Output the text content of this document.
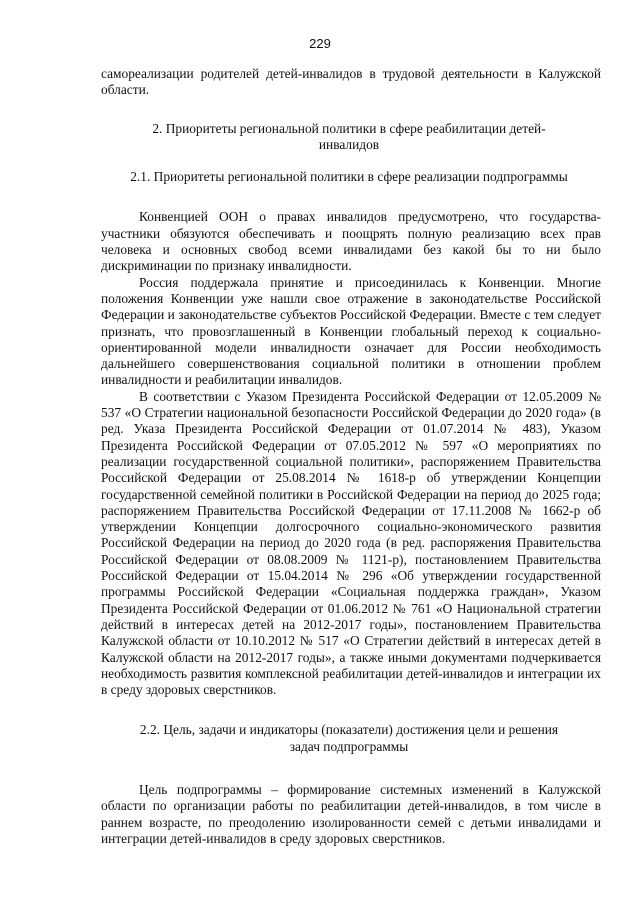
229

самореализации родителей детей-инвалидов в трудовой деятельности в Калужской области.

2. Приоритеты региональной политики в сфере реабилитации детей-инвалидов

2.1. Приоритеты региональной политики в сфере реализации подпрограммы

Конвенцией ООН о правах инвалидов предусмотрено, что государства-участники обязуются обеспечивать и поощрять полную реализацию всех прав человека и основных свобод всеми инвалидами без какой бы то ни было дискриминации по признаку инвалидности.

Россия поддержала принятие и присоединилась к Конвенции. Многие положения Конвенции уже нашли свое отражение в законодательстве Российской Федерации и законодательстве субъектов Российской Федерации. Вместе с тем следует признать, что провозглашенный в Конвенции глобальный переход к социально-ориентированной модели инвалидности означает для России необходимость дальнейшего совершенствования социальной политики в отношении проблем инвалидности и реабилитации инвалидов.

В соответствии с Указом Президента Российской Федерации от 12.05.2009 № 537 «О Стратегии национальной безопасности Российской Федерации до 2020 года» (в ред. Указа Президента Российской Федерации от 01.07.2014 № 483), Указом Президента Российской Федерации от 07.05.2012 № 597 «О мероприятиях по реализации государственной социальной политики», распоряжением Правительства Российской Федерации от 25.08.2014 № 1618-р об утверждении Концепции государственной семейной политики в Российской Федерации на период до 2025 года; распоряжением Правительства Российской Федерации от 17.11.2008 № 1662-р об утверждении Концепции долгосрочного социально-экономического развития Российской Федерации на период до 2020 года (в ред. распоряжения Правительства Российской Федерации от 08.08.2009 № 1121-р), постановлением Правительства Российской Федерации от 15.04.2014 № 296 «Об утверждении государственной программы Российской Федерации «Социальная поддержка граждан», Указом Президента Российской Федерации от 01.06.2012 № 761 «О Национальной стратегии действий в интересах детей на 2012-2017 годы», постановлением Правительства Калужской области от 10.10.2012 № 517 «О Стратегии действий в интересах детей в Калужской области на 2012-2017 годы», а также иными документами подчеркивается необходимость развития комплексной реабилитации детей-инвалидов и интеграции их в среду здоровых сверстников.

2.2. Цель, задачи и индикаторы (показатели) достижения цели и решения задач подпрограммы

Цель подпрограммы – формирование системных изменений в Калужской области по организации работы по реабилитации детей-инвалидов, в том числе в раннем возрасте, по преодолению изолированности семей с детьми инвалидами и интеграции детей-инвалидов в среду здоровых сверстников.
